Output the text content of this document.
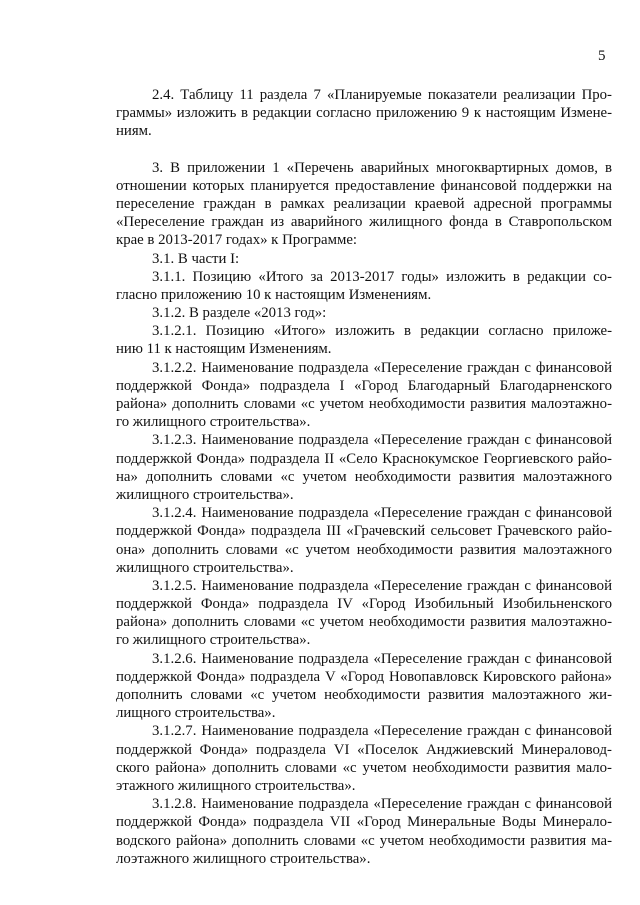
5
2.4. Таблицу 11 раздела 7 «Планируемые показатели реализации Про-
граммы» изложить в редакции согласно приложению 9 к настоящим Измене-
ниям.
3. В приложении 1 «Перечень аварийных многоквартирных домов, в
отношении которых планируется предоставление финансовой поддержки на
переселение граждан в рамках реализации краевой адресной программы
«Переселение граждан из аварийного жилищного фонда в Ставропольском
крае в 2013-2017 годах» к Программе:
3.1. В части I:
3.1.1. Позицию «Итого за 2013-2017 годы» изложить в редакции со-
гласно приложению 10 к настоящим Изменениям.
3.1.2. В разделе «2013 год»:
3.1.2.1. Позицию «Итого» изложить в редакции согласно приложе-
нию 11 к настоящим Изменениям.
3.1.2.2. Наименование подраздела «Переселение граждан с финансовой
поддержкой Фонда» подраздела I «Город Благодарный Благодарненского
района» дополнить словами «с учетом необходимости развития малоэтажно-
го жилищного строительства».
3.1.2.3. Наименование подраздела «Переселение граждан с финансовой
поддержкой Фонда» подраздела II «Село Краснокумское Георгиевского райо-
на» дополнить словами «с учетом необходимости развития малоэтажного
жилищного строительства».
3.1.2.4. Наименование подраздела «Переселение граждан с финансовой
поддержкой Фонда» подраздела III «Грачевский сельсовет Грачевского райо-
она» дополнить словами «с учетом необходимости развития малоэтажного
жилищного строительства».
3.1.2.5. Наименование подраздела «Переселение граждан с финансовой
поддержкой Фонда» подраздела IV «Город Изобильный Изобильненского
района» дополнить словами «с учетом необходимости развития малоэтажно-
го жилищного строительства».
3.1.2.6. Наименование подраздела «Переселение граждан с финансовой
поддержкой Фонда» подраздела V «Город Новопавловск Кировского района»
дополнить словами «с учетом необходимости развития малоэтажного жи-
лищного строительства».
3.1.2.7. Наименование подраздела «Переселение граждан с финансовой
поддержкой Фонда» подраздела VI «Поселок Анджиевский Минераловод-
ского района» дополнить словами «с учетом необходимости развития мало-
этажного жилищного строительства».
3.1.2.8. Наименование подраздела «Переселение граждан с финансовой
поддержкой Фонда» подраздела VII «Город Минеральные Воды Минерало-
водского района» дополнить словами «с учетом необходимости развития ма-
лоэтажного жилищного строительства».
